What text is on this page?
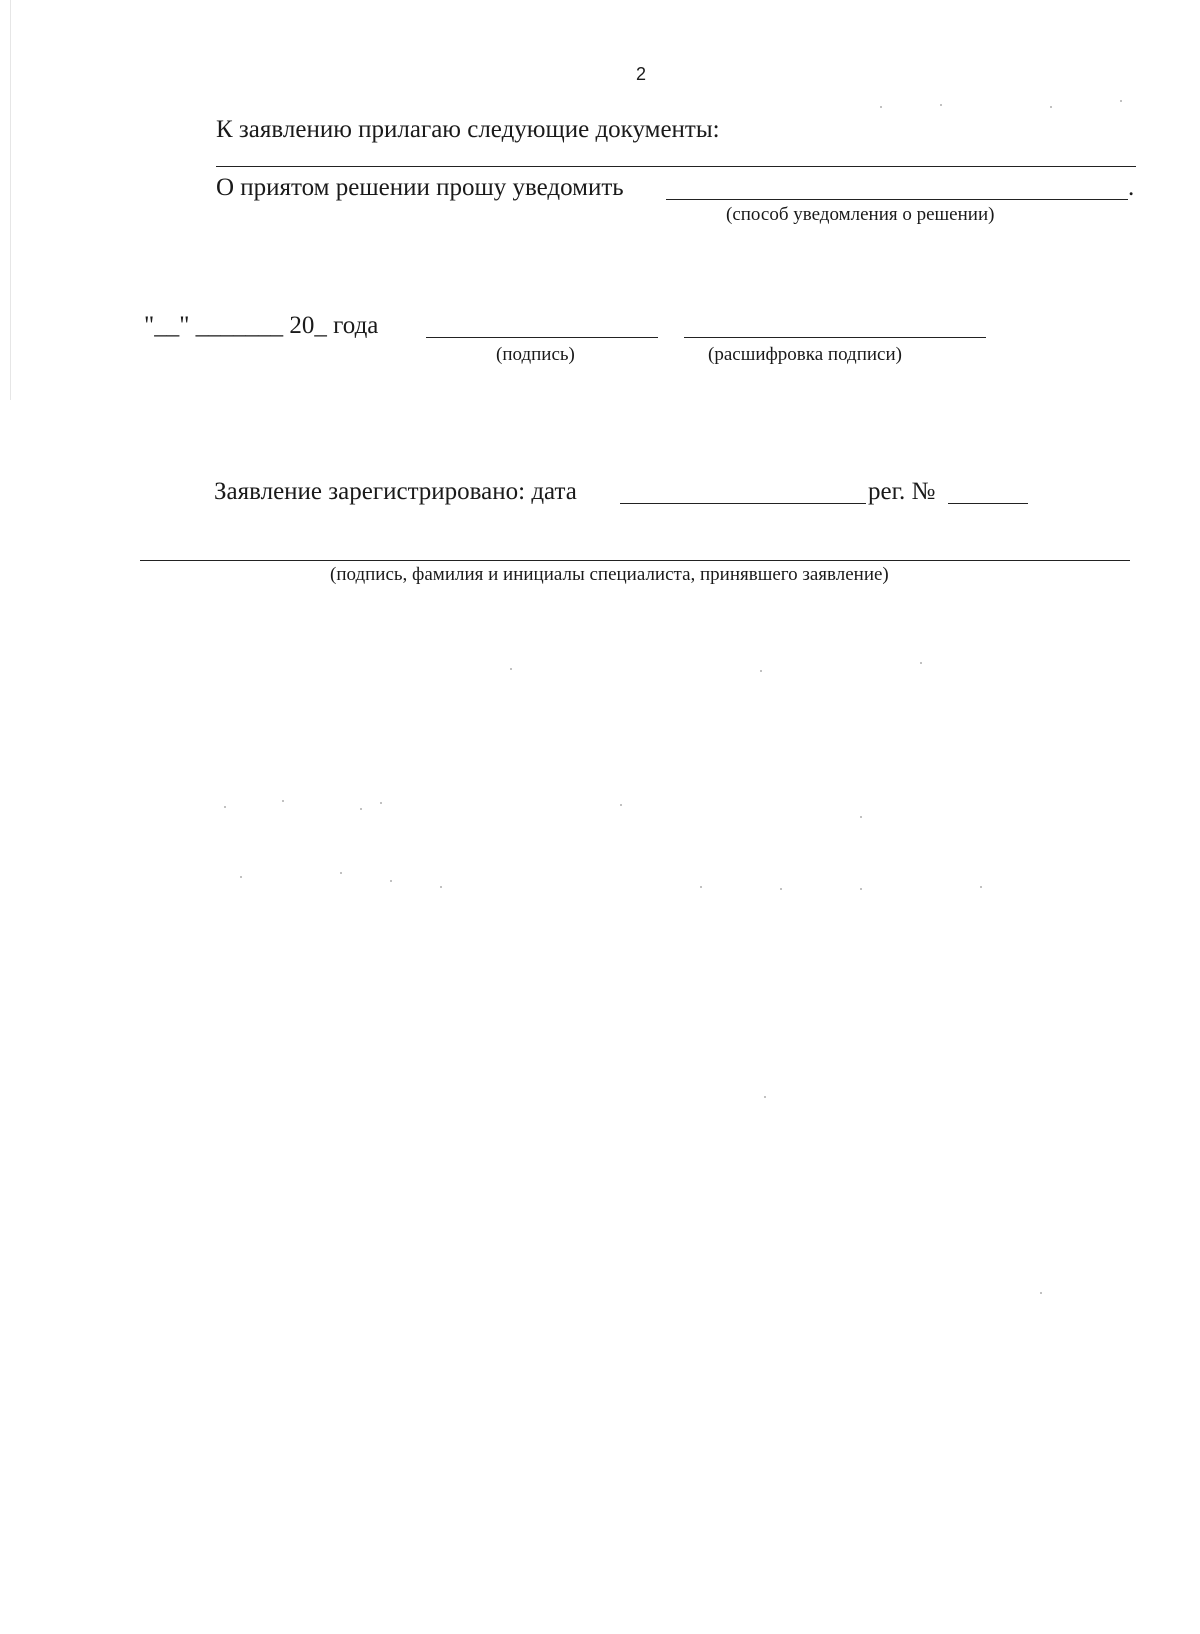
2
К заявлению прилагаю следующие документы:
О приятом решении прошу уведомить	.
(способ уведомления о решении)
"__" _______ 20_ года
(подпись)	(расшифровка подписи)
Заявление зарегистрировано: дата	рег. №
(подпись, фамилия и инициалы специалиста, принявшего заявление)
